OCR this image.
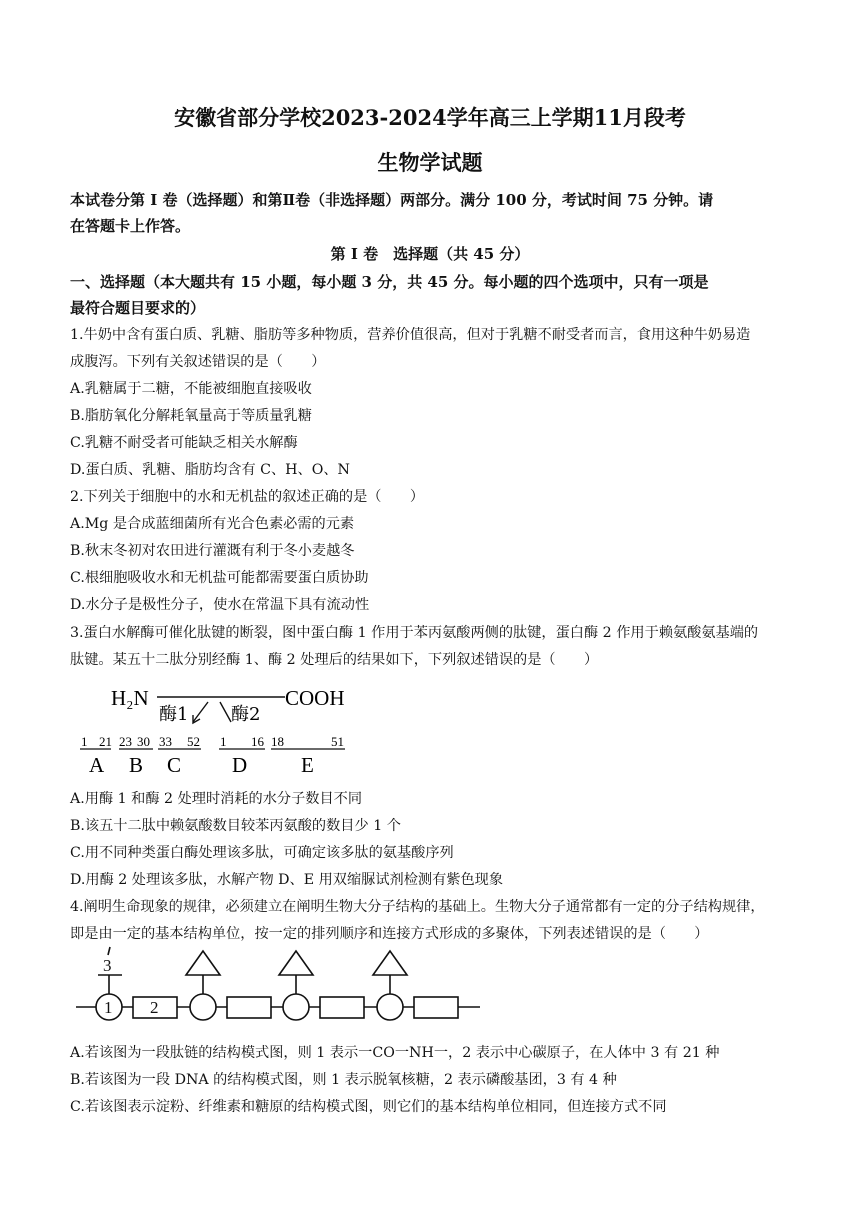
安徽省部分学校2023-2024学年高三上学期11月段考
生物学试题
本试卷分第 I 卷（选择题）和第Ⅱ卷（非选择题）两部分。满分 100 分，考试时间 75 分钟。请
在答题卡上作答。
第 I 卷　选择题（共 45 分）
一、选择题（本大题共有 15 小题，每小题 3 分，共 45 分。每小题的四个选项中，只有一项是
最符合题目要求的）
1.牛奶中含有蛋白质、乳糖、脂肪等多种物质，营养价值很高，但对于乳糖不耐受者而言，食用这种牛奶易造
成腹泻。下列有关叙述错误的是（　　）
A.乳糖属于二糖，不能被细胞直接吸收
B.脂肪氧化分解耗氧量高于等质量乳糖
C.乳糖不耐受者可能缺乏相关水解酶
D.蛋白质、乳糖、脂肪均含有 C、H、O、N
2.下列关于细胞中的水和无机盐的叙述正确的是（　　）
A.Mg 是合成蓝细菌所有光合色素必需的元素
B.秋末冬初对农田进行灌溉有利于冬小麦越冬
C.根细胞吸收水和无机盐可能都需要蛋白质协助
D.水分子是极性分子，使水在常温下具有流动性
3.蛋白水解酶可催化肽键的断裂，图中蛋白酶 1 作用于苯丙氨酸两侧的肽键，蛋白酶 2 作用于赖氨酸氨基端的
肽键。某五十二肽分别经酶 1、酶 2 处理后的结果如下，下列叙述错误的是（　　）
H₂N
酶1 酶2
COOH
1 21 23 30 33 52 1 16 18	51
A B C D	E
A.用酶 1 和酶 2 处理时消耗的水分子数目不同
B.该五十二肽中赖氨酸数目较苯丙氨酸的数目少 1 个
C.用不同种类蛋白酶处理该多肽，可确定该多肽的氨基酸序列
D.用酶 2 处理该多肽，水解产物 D、E 用双缩脲试剂检测有紫色现象
4.阐明生命现象的规律，必须建立在阐明生物大分子结构的基础上。生物大分子通常都有一定的分子结构规律，
即是由一定的基本结构单位，按一定的排列顺序和连接方式形成的多聚体，下列表述错误的是（　　）
1 2
3
A.若该图为一段肽链的结构模式图，则 1 表示一CO一NH一，2 表示中心碳原子，在人体中 3 有 21 种
B.若该图为一段 DNA 的结构模式图，则 1 表示脱氧核糖，2 表示磷酸基团，3 有 4 种
C.若该图表示淀粉、纤维素和糖原的结构模式图，则它们的基本结构单位相同，但连接方式不同
